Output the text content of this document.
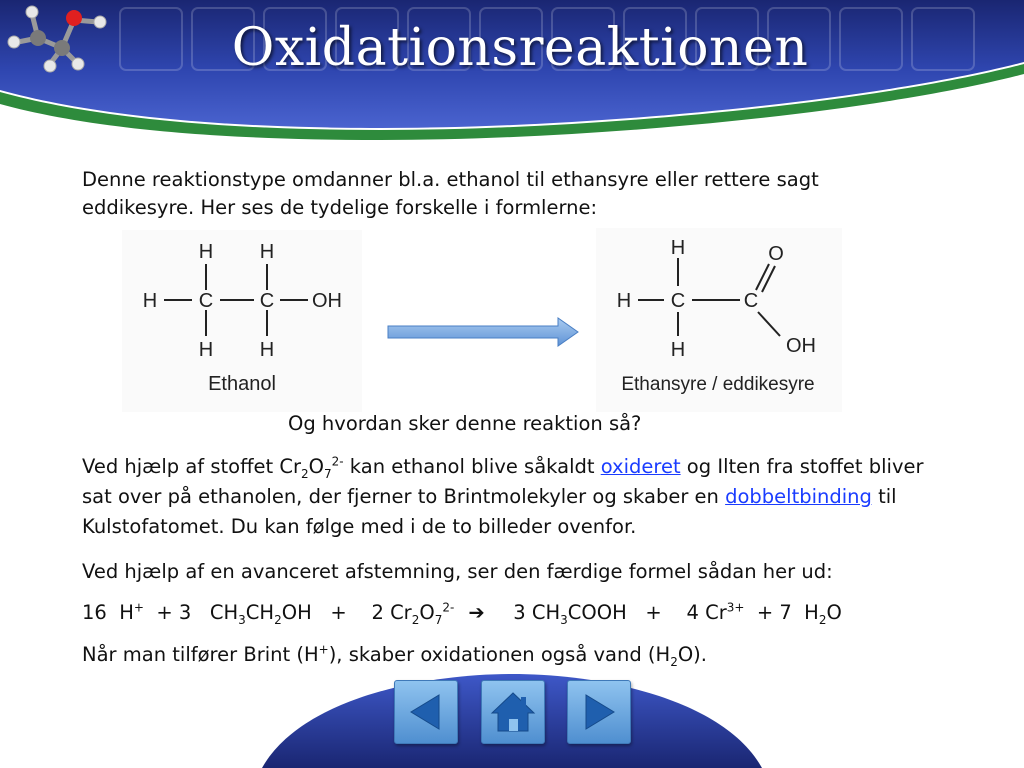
Oxidationsreaktionen

Denne reaktionstype omdanner bl.a. ethanol til ethansyre eller rettere sagt

eddikesyre. Her ses de tydelige forskelle i formlerne:

H H
H C C OH
H H
Ethanol
H
H C	C
O
H	OH
Ethansyre / eddikesyre
Og hvordan sker denne reaktion så?
Ved hjælp af stoffet $Cr_2O_7^{2-}$ kan ethanol blive såkaldt oxideret og Ilten fra stoffet bliver sat over på ethanolen, der fjerner to Brintmolekyler og skaber en dobbeltbinding til Kulstofatomet. Du kan følge med i de to billeder ovenfor.
Ved hjælp af en avanceret afstemning, ser den færdige formel sådan her ud:
16  H+  + 3   $CH_3CH_2OH$   +    2 $Cr_2O_7^{2-}$ ➔   3 $CH_3COOH$   +    4 $Cr^{3+} + 7$  $H_2O$
Når man tilfører Brint (H+), skaber oxidationen også vand $(H_2O)$.
